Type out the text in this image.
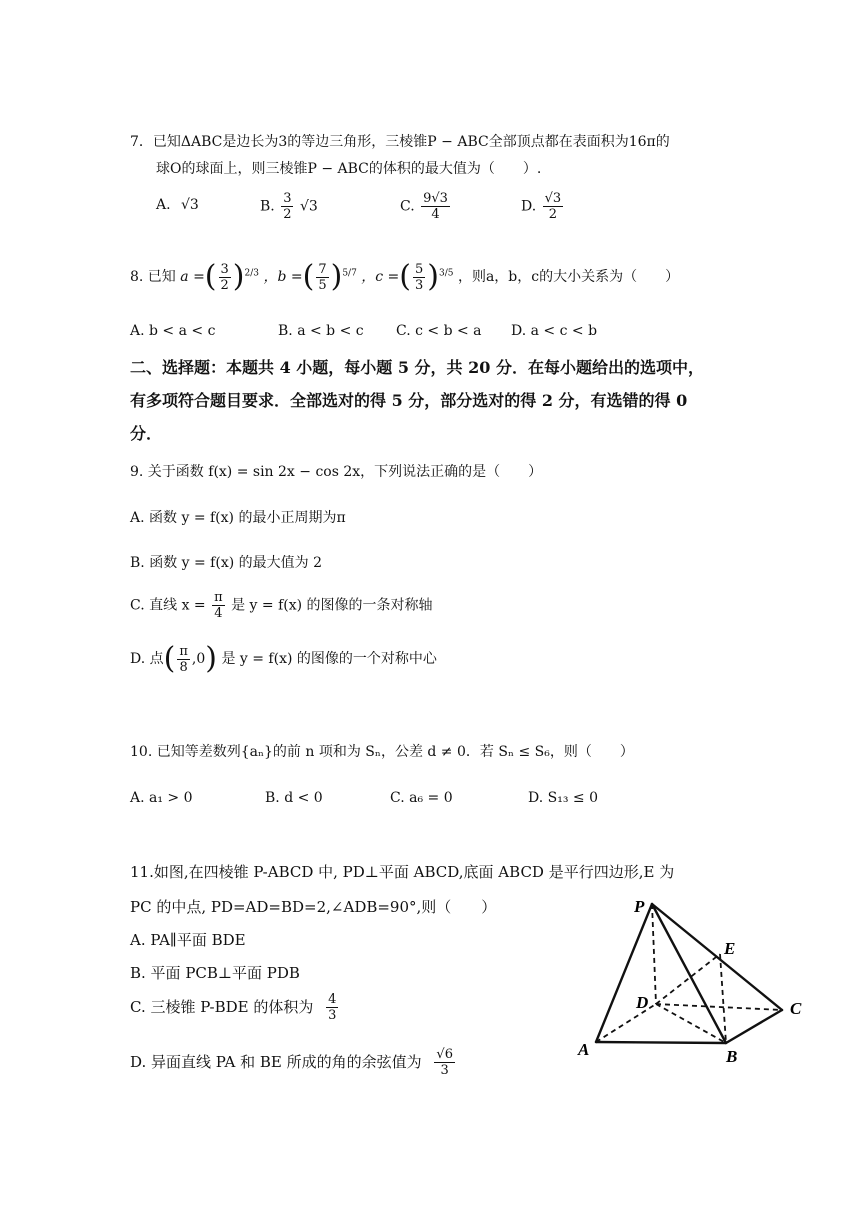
7．已知ΔABC是边长为3的等边三角形，三棱锥P − ABC全部顶点都在表面积为16π的
球O的球面上，则三棱锥P − ABC的体积的最大值为（　　）.
A. √3	B. $\frac{3}{2} √3$	C. $\frac{9√3}{4}$	D. $\frac{√3}{2}$
8. 已知 a =( $\frac{3}{2} )^{2/3}$ ，b =( $\frac{7}{5} )^{5/7}$ ，c =( $\frac{5}{3} )^{3/5}$ ，则a，b，c的大小关系为（　　）
A. b < a < c	B. a < b < c C. c < b < a D. a < c < b
二、选择题：本题共 4 小题，每小题 5 分，共 20 分．在每小题给出的选项中，
有多项符合题目要求．全部选对的得 5 分，部分选对的得 2 分，有选错的得 0
分．
9. 关于函数 f(x) = sin 2x − cos 2x，下列说法正确的是（　　）
A. 函数 y = f(x) 的最小正周期为π
B. 函数 y = f(x) 的最大值为 2
C. 直线 $x = \frac{\pi}{4}$ 是 y = f(x) 的图像的一条对称轴
D. 点( $\frac{\pi}{8} ,0$) 是 y = f(x) 的图像的一个对称中心
10. 已知等差数列{aₙ}的前 n 项和为 Sₙ，公差 d ≠ 0．若 Sₙ ≤ S₆，则（　　）
A. a₁ > 0	B. d < 0	C. a₆ = 0	D. S₁₃ ≤ 0
11.如图,在四棱锥 P-ABCD 中, PD⊥平面 ABCD,底面 ABCD 是平行四边形,E 为
PC 的中点, PD=AD=BD=2,∠ADB=90°,则（　　）
A. PA∥平面 BDE
B. 平面 PCB⊥平面 PDB
C. 三棱锥 P-BDE 的体积为 $\frac{4}{3}$
D. 异面直线 PA 和 BE 所成的角的余弦值为 $\frac{√6}{3}$
P
A	B
C
D
E
